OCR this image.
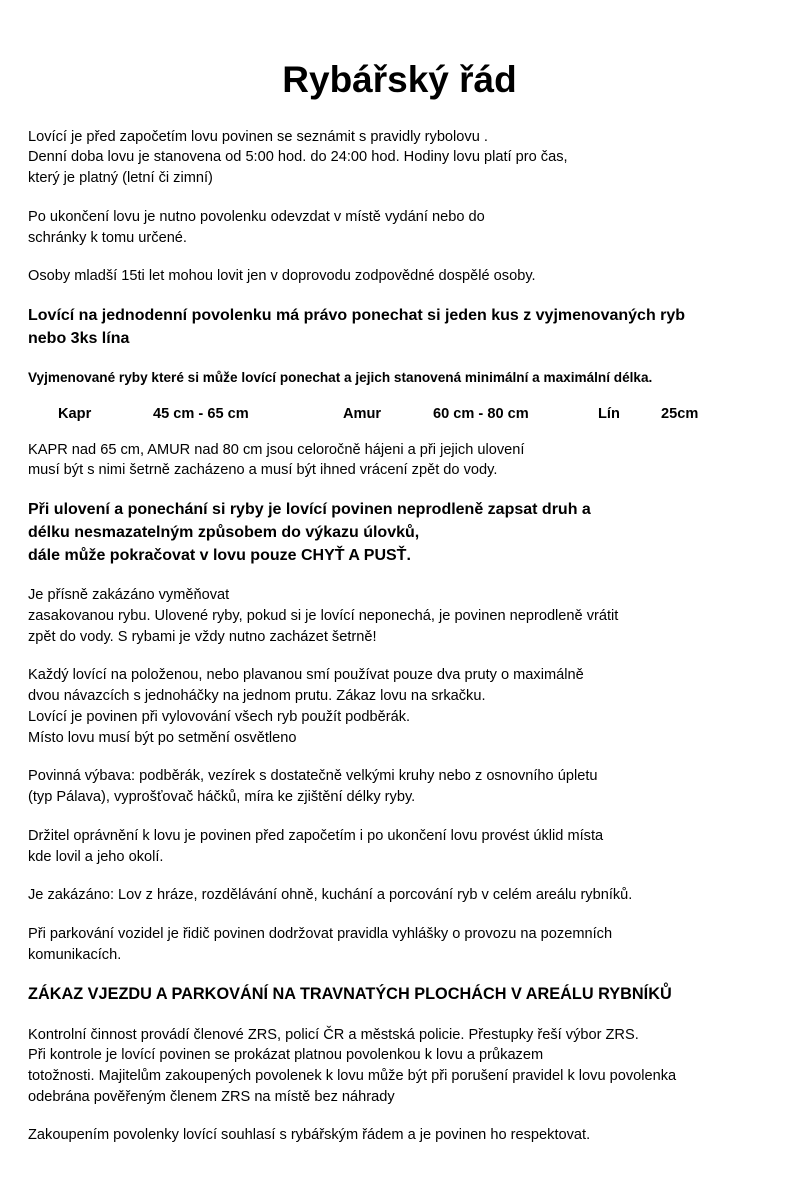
Rybářský řád
Lovící je před započetím lovu povinen se seznámit s pravidly rybolovu .
Denní doba lovu je stanovena od 5:00 hod. do 24:00 hod. Hodiny lovu platí pro čas,
který je platný (letní či zimní)
Po ukončení lovu je nutno povolenku odevzdat v místě vydání nebo do
schránky k tomu určené.
Osoby mladší 15ti let mohou lovit jen v doprovodu zodpovědné dospělé osoby.
Lovící na jednodenní povolenku má právo ponechat si jeden kus z vyjmenovaných ryb
nebo 3ks lína
Vyjmenované ryby které si může lovící ponechat a jejich stanovená minimální a maximální délka.
Kapr	45 cm - 65 cm	Amur	60 cm - 80 cm	Lín	25cm
KAPR nad 65 cm, AMUR nad 80 cm jsou celoročně hájeni a při jejich ulovení
musí být s nimi šetrně zacházeno a musí být ihned vrácení zpět do vody.
Při ulovení a ponechání si ryby je lovící povinen neprodleně zapsat druh a
délku nesmazatelným způsobem do výkazu úlovků,
dále může pokračovat v lovu pouze CHYŤ A PUSŤ.
Je přísně zakázáno vyměňovat
zasakovanou rybu. Ulovené ryby, pokud si je lovící neponechá, je povinen neprodleně vrátit
zpět do vody. S rybami je vždy nutno zacházet šetrně!
Každý lovící na položenou, nebo plavanou smí používat pouze dva pruty o maximálně
dvou návazcích s jednoháčky na jednom prutu. Zákaz lovu na srkačku.
Lovící je povinen při vylovování všech ryb použít podběrák.
Místo lovu musí být po setmění osvětleno
Povinná výbava: podběrák, vezírek s dostatečně velkými kruhy nebo z osnovního úpletu
(typ Pálava), vyprošťovač háčků, míra ke zjištění délky ryby.
Držitel oprávnění k lovu je povinen před započetím i po ukončení lovu provést úklid místa
kde lovil a jeho okolí.
Je zakázáno: Lov z hráze, rozdělávání ohně, kuchání a porcování ryb v celém areálu rybníků.
Při parkování vozidel je řidič povinen dodržovat pravidla vyhlášky o provozu na pozemních
komunikacích.
ZÁKAZ VJEZDU A PARKOVÁNÍ NA TRAVNATÝCH PLOCHÁCH V AREÁLU RYBNÍKŮ
Kontrolní činnost provádí členové ZRS, policí ČR a městská policie. Přestupky řeší výbor ZRS.
Při kontrole je lovící povinen se prokázat platnou povolenkou k lovu a průkazem
totožnosti. Majitelům zakoupených povolenek k lovu může být při porušení pravidel k lovu povolenka
odebrána pověřeným členem ZRS na místě bez náhrady
Zakoupením povolenky lovící souhlasí s rybářským řádem a je povinen ho respektovat.
